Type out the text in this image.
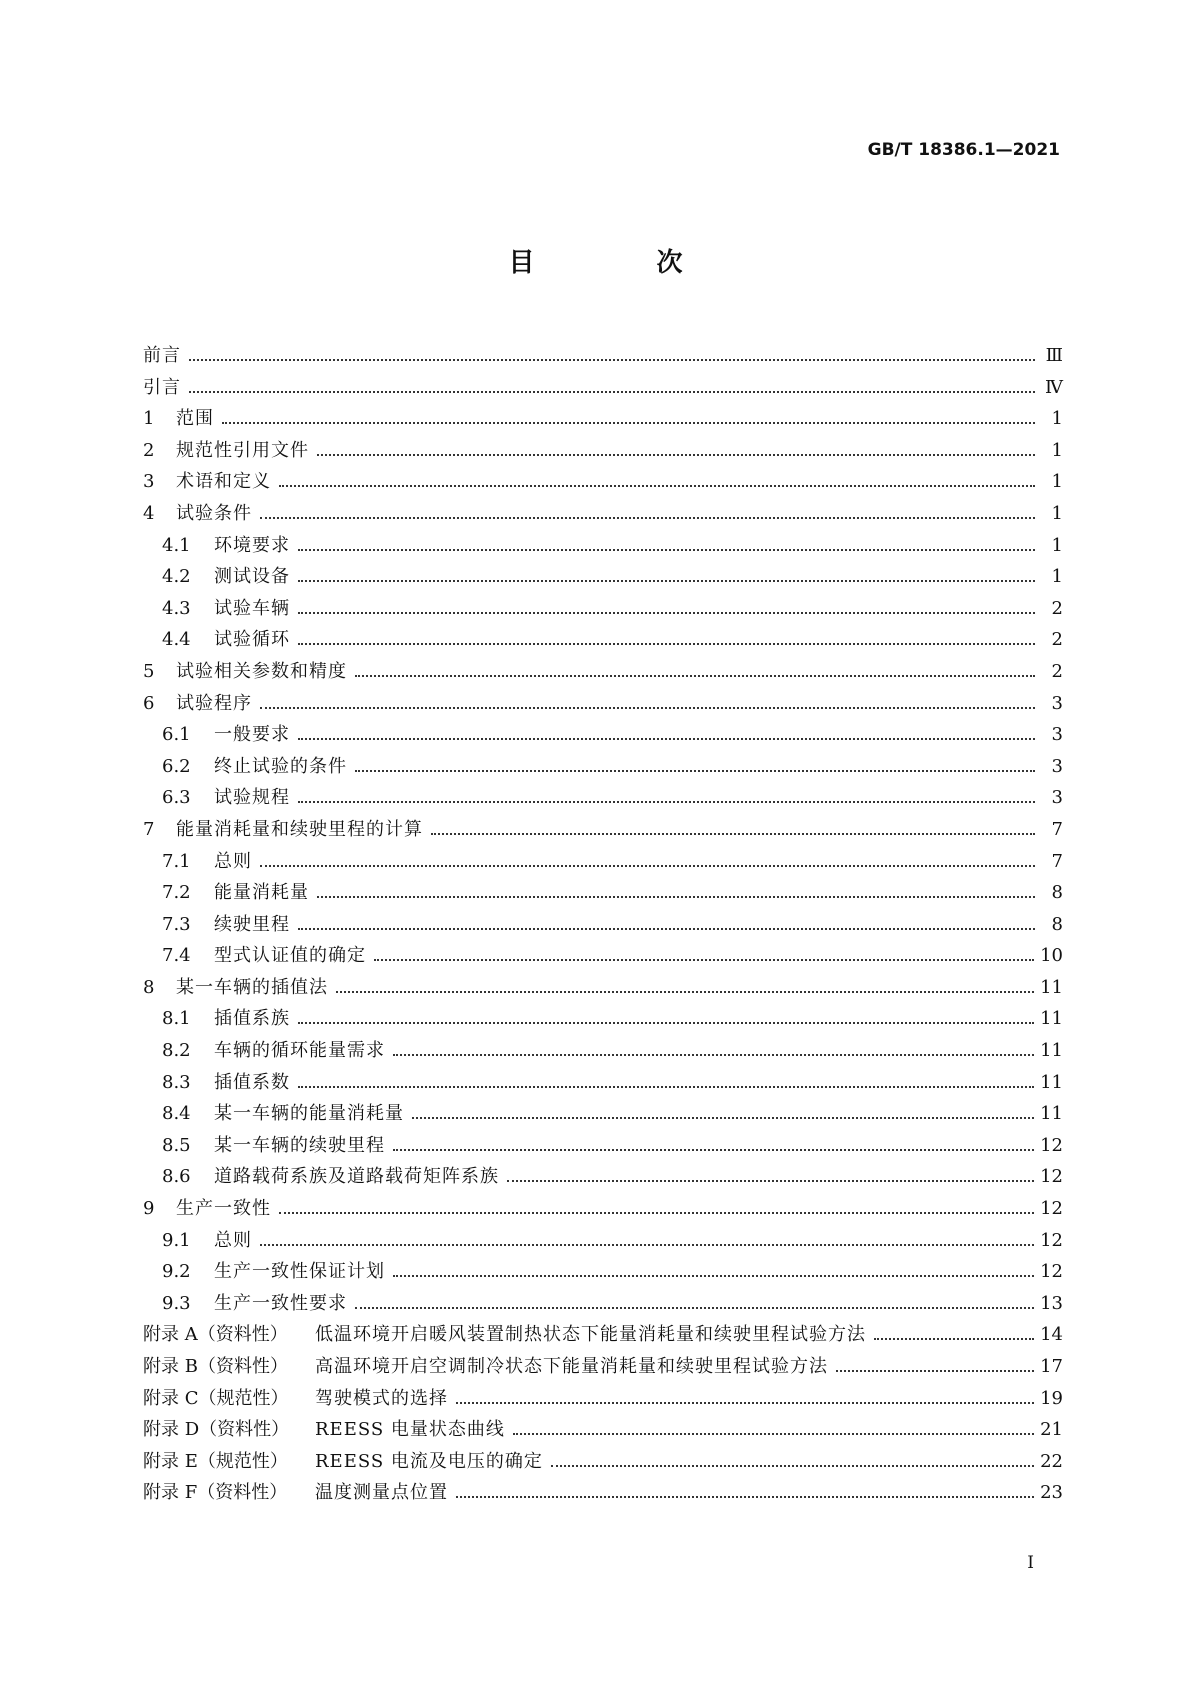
GB/T 18386.1—2021
目　次
前言	Ⅲ
引言	Ⅳ
1	范围	1
2	规范性引用文件	1
3	术语和定义	1
4	试验条件	1
4.1	环境要求	1
4.2	测试设备	1
4.3	试验车辆	2
4.4	试验循环	2
5	试验相关参数和精度	2
6	试验程序	3
6.1	一般要求	3
6.2	终止试验的条件	3
6.3	试验规程	3
7	能量消耗量和续驶里程的计算	7
7.1	总则	7
7.2	能量消耗量	8
7.3	续驶里程	8
7.4	型式认证值的确定	10
8	某一车辆的插值法	11
8.1	插值系族	11
8.2	车辆的循环能量需求	11
8.3	插值系数	11
8.4	某一车辆的能量消耗量	11
8.5	某一车辆的续驶里程	12
8.6	道路载荷系族及道路载荷矩阵系族	12
9	生产一致性	12
9.1	总则	12
9.2	生产一致性保证计划	12
9.3	生产一致性要求	13
附录 A（资料性）	低温环境开启暖风装置制热状态下能量消耗量和续驶里程试验方法	14
附录 B（资料性）	高温环境开启空调制冷状态下能量消耗量和续驶里程试验方法	17
附录 C（规范性）	驾驶模式的选择	19
附录 D（资料性）	REESS 电量状态曲线	21
附录 E（规范性）	REESS 电流及电压的确定	22
附录 F（资料性）	温度测量点位置	23
I
